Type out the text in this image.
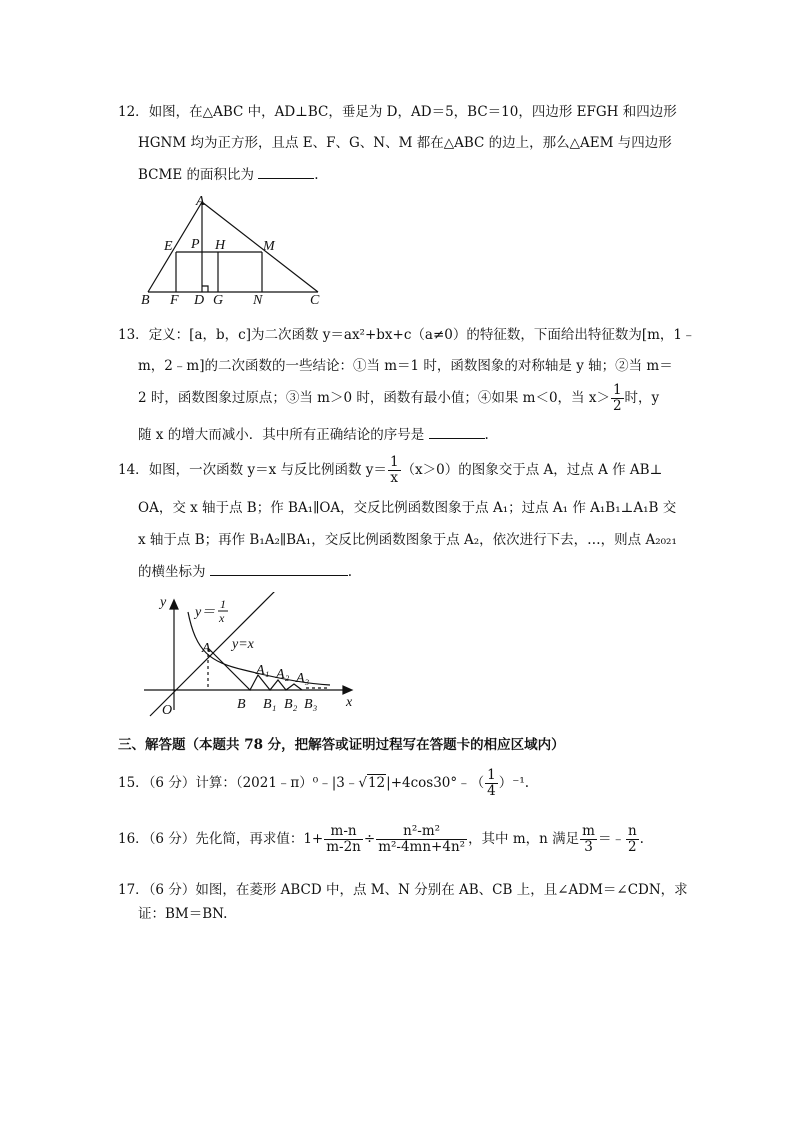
12．如图，在△ABC 中，AD⊥BC，垂足为 D，AD＝5，BC＝10，四边形 EFGH 和四边形
HGNM 均为正方形，且点 E、F、G、N、M 都在△ABC 的边上，那么△AEM 与四边形
BCME 的面积比为	.
A
E P H	M
B F D G N	C
13．定义：[a，b，c]为二次函数 y＝ax²+bx+c（a≠0）的特征数，下面给出特征数为[m，1﹣
m，2﹣m]的二次函数的一些结论：①当 m＝1 时，函数图象的对称轴是 y 轴；②当 m＝
2 时，函数图象过原点；③当 m＞0 时，函数有最小值；④如果 m＜0，当 $x> \frac{1}{2}$ 时，y
随 x 的增大而减小．其中所有正确结论的序号是	.
14．如图，一次函数 y＝x 与反比例函数 $y= \frac{1}{x} (x>0)$的图象交于点 A，过点 A 作 AB⊥
OA，交 x 轴于点 B；作 BA₁∥OA，交反比例函数图象于点 A₁；过点 A₁ 作 A₁B₁⊥A₁B 交
x 轴于点 B；再作 B₁A₂∥BA₁，交反比例函数图象于点 A₂，依次进行下去，…，则点 A₂₀₂₁
的横坐标为	.
y
x
O
A
B B₁ B₂ B₃
A₁ A₂ A₃
y=x
y＝
1
x
三、解答题（本题共 78 分，把解答或证明过程写在答题卡的相应区域内）
15．（6 分）计算：（2021﹣π）⁰﹣|3﹣√12|+4cos30°﹣（ $\frac{1}{4} )^{-1}$.
16．（6 分）先化简，再求值：$1+ \frac{m-n}{m-2n} \div \frac{\text{n²-m²}}{\text{m²-4mn+4n²}}$ ，其中 m，n 满足 $\frac{m}{3}$ ＝﹣ $\frac{n}{2}$ .
17．（6 分）如图，在菱形 ABCD 中，点 M、N 分别在 AB、CB 上，且∠ADM＝∠CDN，求
证：BM＝BN.
